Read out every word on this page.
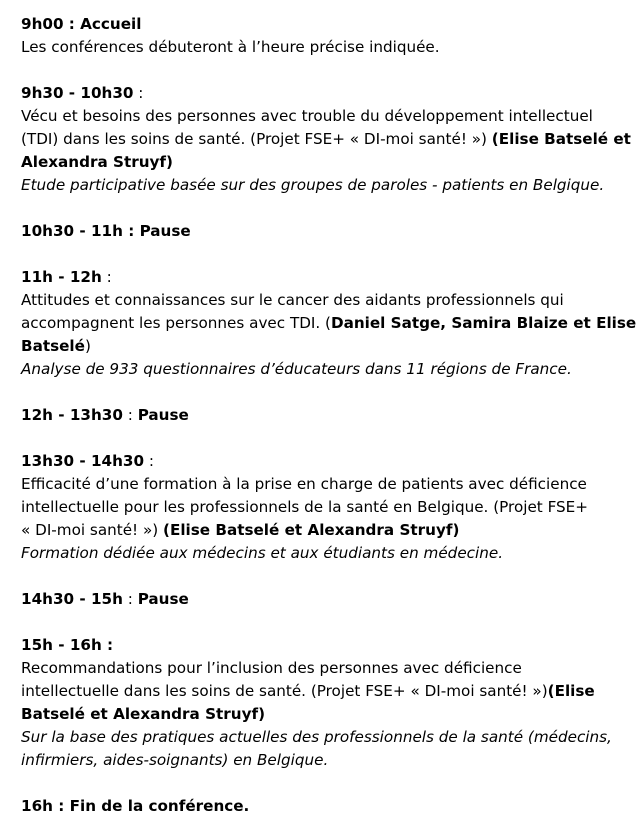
9h00 : Accueil
Les conférences débuteront à l’heure précise indiquée.
9h30 - 10h30 :
Vécu et besoins des personnes avec trouble du développement intellectuel
(TDI) dans les soins de santé. (Projet FSE+ « DI-moi santé! ») (Elise Batselé et
Alexandra Struyf)
Etude participative basée sur des groupes de paroles - patients en Belgique.
10h30 - 11h : Pause
11h - 12h :
Attitudes et connaissances sur le cancer des aidants professionnels qui
accompagnent les personnes avec TDI. (Daniel Satge, Samira Blaize et Elise
Batselé)
Analyse de 933 questionnaires d’éducateurs dans 11 régions de France.
12h - 13h30 : Pause
13h30 - 14h30 :
Efficacité d’une formation à la prise en charge de patients avec déficience
intellectuelle pour les professionnels de la santé en Belgique. (Projet FSE+
« DI-moi santé! ») (Elise Batselé et Alexandra Struyf)
Formation dédiée aux médecins et aux étudiants en médecine.
14h30 - 15h : Pause
15h - 16h :
Recommandations pour l’inclusion des personnes avec déficience
intellectuelle dans les soins de santé. (Projet FSE+ « DI-moi santé! »)(Elise
Batselé et Alexandra Struyf)
Sur la base des pratiques actuelles des professionnels de la santé (médecins,
infirmiers, aides-soignants) en Belgique.
16h : Fin de la conférence.
